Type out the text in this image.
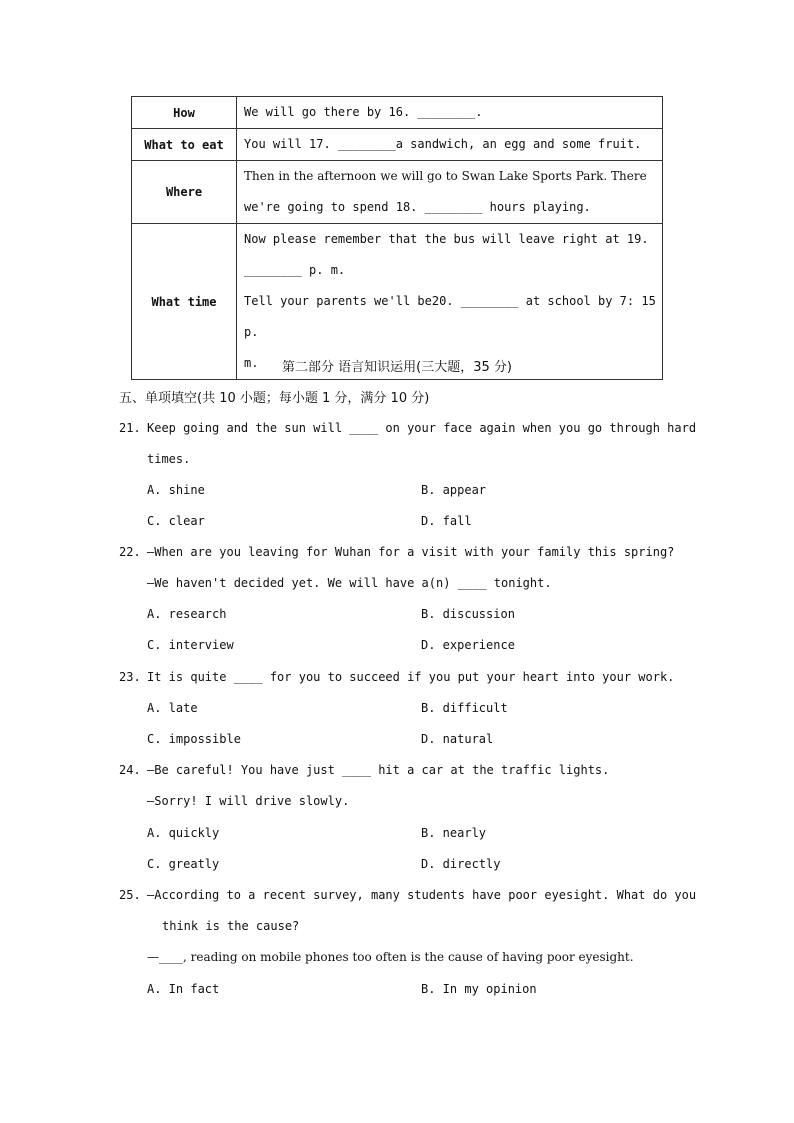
How	We will go there by 16. ________.

What to eat	You will 17. ________a sandwich, an egg and some fruit.

Where	Then in the afternoon we will go to Swan Lake Sports Park. There
we're going to spend 18. ________ hours playing.

What time	Now please remember that the bus will leave right at 19.
________ p. m.
Tell your parents we'll be20. ________ at school by 7: 15 p.
m.	第二部分 语言知识运用(三大题，35 分)
五、单项填空(共 10 小题；每小题 1 分，满分 10 分)
21. Keep going and the sun will ____ on your face again when you go through hard
times.
A. shine	B. appear
C. clear	D. fall
22. —When are you leaving for Wuhan for a visit with your family this spring?
—We haven't decided yet. We will have a(n) ____ tonight.
A. research	B. discussion
C. interview	D. experience
23. It is quite ____ for you to succeed if you put your heart into your work.
A. late	B. difficult
C. impossible	D. natural
24. —Be careful! You have just ____ hit a car at the traffic lights.
—Sorry! I will drive slowly.
A. quickly	B. nearly
C. greatly	D. directly
25. —According to a recent survey, many students have poor eyesight. What do you
think is the cause?
—____, reading on mobile phones too often is the cause of having poor eyesight.
A. In fact	B. In my opinion
